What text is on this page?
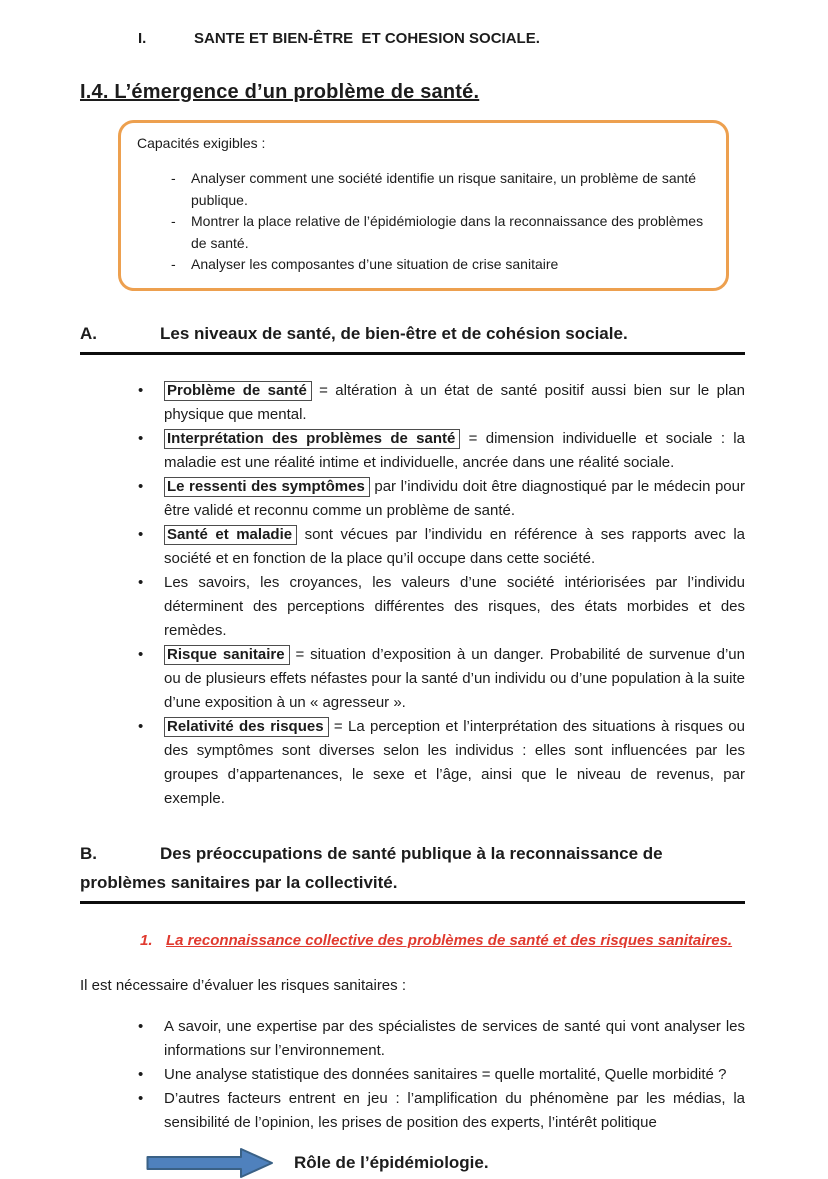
I.	SANTE ET BIEN-ÊTRE  ET COHESION SOCIALE.
I.4. L’émergence d’un problème de santé.
Capacités exigibles :
- Analyser comment une société identifie un risque sanitaire, un problème de santé publique.
- Montrer la place relative de l’épidémiologie dans la reconnaissance des problèmes de santé.
- Analyser les composantes d’une situation de crise sanitaire
A.	Les niveaux de santé, de bien-être et de cohésion sociale.
• Problème de santé = altération à un état de santé positif aussi bien sur le plan physique que mental.
• Interprétation des problèmes de santé = dimension individuelle et sociale : la maladie est une réalité intime et individuelle, ancrée dans une réalité sociale.
• Le ressenti des symptômes par l’individu doit être diagnostiqué par le médecin pour être validé et reconnu comme un problème de santé.
• Santé et maladie sont vécues par l’individu en référence à ses rapports avec la société et en fonction de la place qu’il occupe dans cette société.
• Les savoirs, les croyances, les valeurs d’une société intériorisées par l’individu déterminent des perceptions différentes des risques, des états morbides et des remèdes.
• Risque sanitaire = situation d’exposition à un danger. Probabilité de survenue d’un ou de plusieurs effets néfastes pour la santé d’un individu ou d’une population à la suite d’une exposition à un « agresseur ».
• Relativité des risques = La perception et l’interprétation des situations à risques ou des symptômes sont diverses selon les individus : elles sont influencées par les groupes d’appartenances, le sexe et l’âge, ainsi que le niveau de revenus, par exemple.
B.	Des préoccupations de santé publique à la reconnaissance de problèmes sanitaires par la collectivité.
1. La reconnaissance collective des problèmes de santé et des risques sanitaires.

Il est nécessaire d’évaluer les risques sanitaires :

• A savoir, une expertise par des spécialistes de services de santé qui vont analyser les informations sur l’environnement.
• Une analyse statistique des données sanitaires = quelle mortalité, Quelle morbidité ?
• D’autres facteurs entrent en jeu : l’amplification du phénomène par les médias, la sensibilité de l’opinion, les prises de position des experts, l’intérêt politique
Rôle de l’épidémiologie.
